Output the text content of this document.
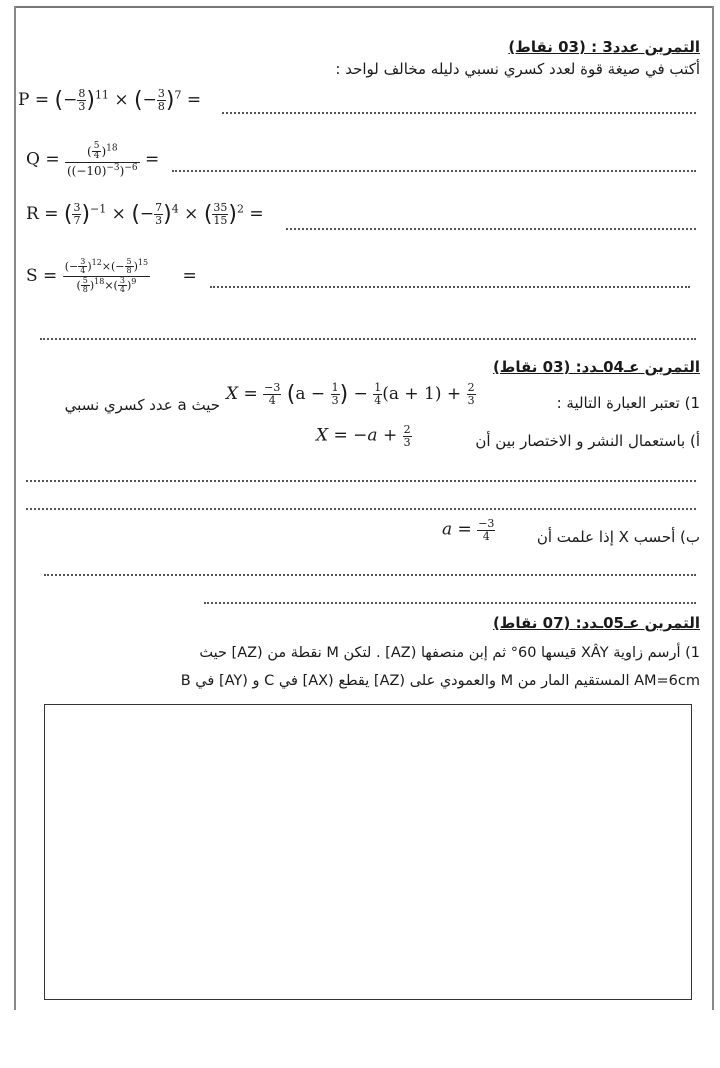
التمرين عدد3 : (03 نقاط)
أكتب في صيغة قوة لعدد كسري نسبي دليله مخالف لواحد :
P = (− $\frac{8}{3} )^{11}$ × (− $\frac{3}{8} )^7$ =
$Q = \frac{( \frac{5}{4} )^{18}}{((-10)^{-3})^{-6}}$ =
R = ( $\frac{3}{7} )^{-1}$ × (− $\frac{7}{3} )^4$ × ( $\frac{35}{15} )^2$ =
$S = \frac{(- \frac{3}{4} )^{12}\times(- \frac{5}{8} )^{15}}{( \frac{5}{8} )^{18}\times( \frac{3}{4} )^9}$ =
التمرين عـ04ـدد: (03 نقاط)
1) تعتبر العبارة التالية :
$X = \frac{-3}{4} (a - \frac{1}{3}$ ) − $\frac{1}{4} (a + 1) + \frac{2}{3}$
حيث a عدد كسري نسبي
أ) باستعمال النشر و الاختصار بين أن
$X = -a + \frac{2}{3}$
ب) أحسب X إذا علمت أن
$a = \frac{-3}{4}$
التمرين عـ05ـدد: (07 نقاط)
1) أرسم زاوية XÂY قيسها 60° ثم إبن منصفها (AZ] . لتكن M نقطة من (AZ] حيث
AM=6cm المستقيم المار من M والعمودي على (AZ] يقطع (AX] في C و (AY] في B
